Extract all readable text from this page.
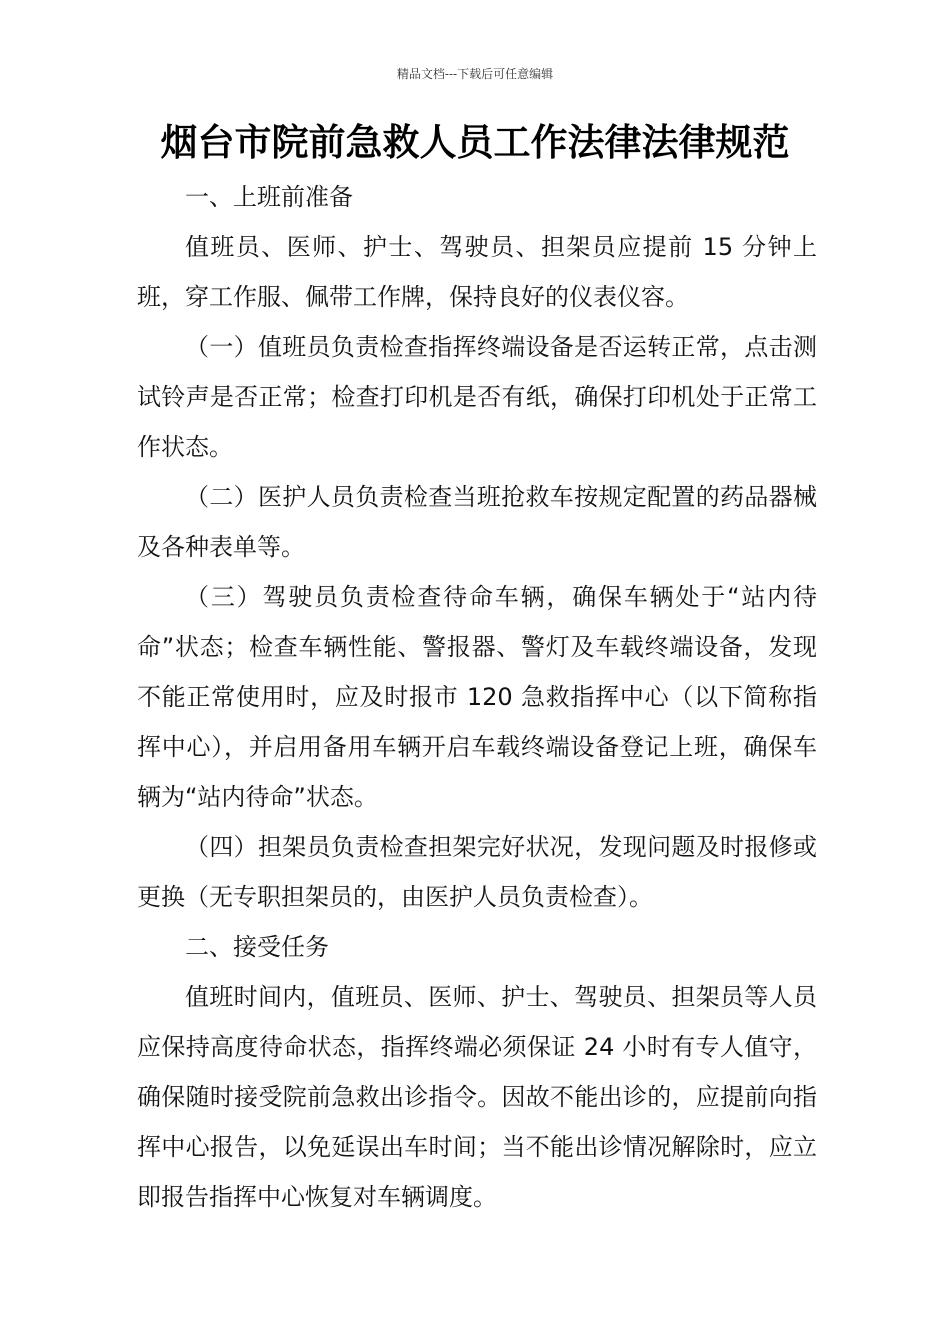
精品文档---下载后可任意编辑
烟台市院前急救人员工作法律法律规范

一、上班前准备

值班员、医师、护士、驾驶员、担架员应提前 15 分钟上班，穿工作服、佩带工作牌，保持良好的仪表仪容。

（一）值班员负责检查指挥终端设备是否运转正常，点击测试铃声是否正常；检查打印机是否有纸，确保打印机处于正常工作状态。

（二）医护人员负责检查当班抢救车按规定配置的药品器械及各种表单等。

（三）驾驶员负责检查待命车辆，确保车辆处于“站内待命”状态；检查车辆性能、警报器、警灯及车载终端设备，发现不能正常使用时，应及时报市 120 急救指挥中心（以下简称指挥中心），并启用备用车辆开启车载终端设备登记上班，确保车辆为“站内待命”状态。

（四）担架员负责检查担架完好状况，发现问题及时报修或更换（无专职担架员的，由医护人员负责检查）。

二、接受任务

值班时间内，值班员、医师、护士、驾驶员、担架员等人员应保持高度待命状态，指挥终端必须保证 24 小时有专人值守，确保随时接受院前急救出诊指令。因故不能出诊的，应提前向指挥中心报告，以免延误出车时间；当不能出诊情况解除时，应立即报告指挥中心恢复对车辆调度。
